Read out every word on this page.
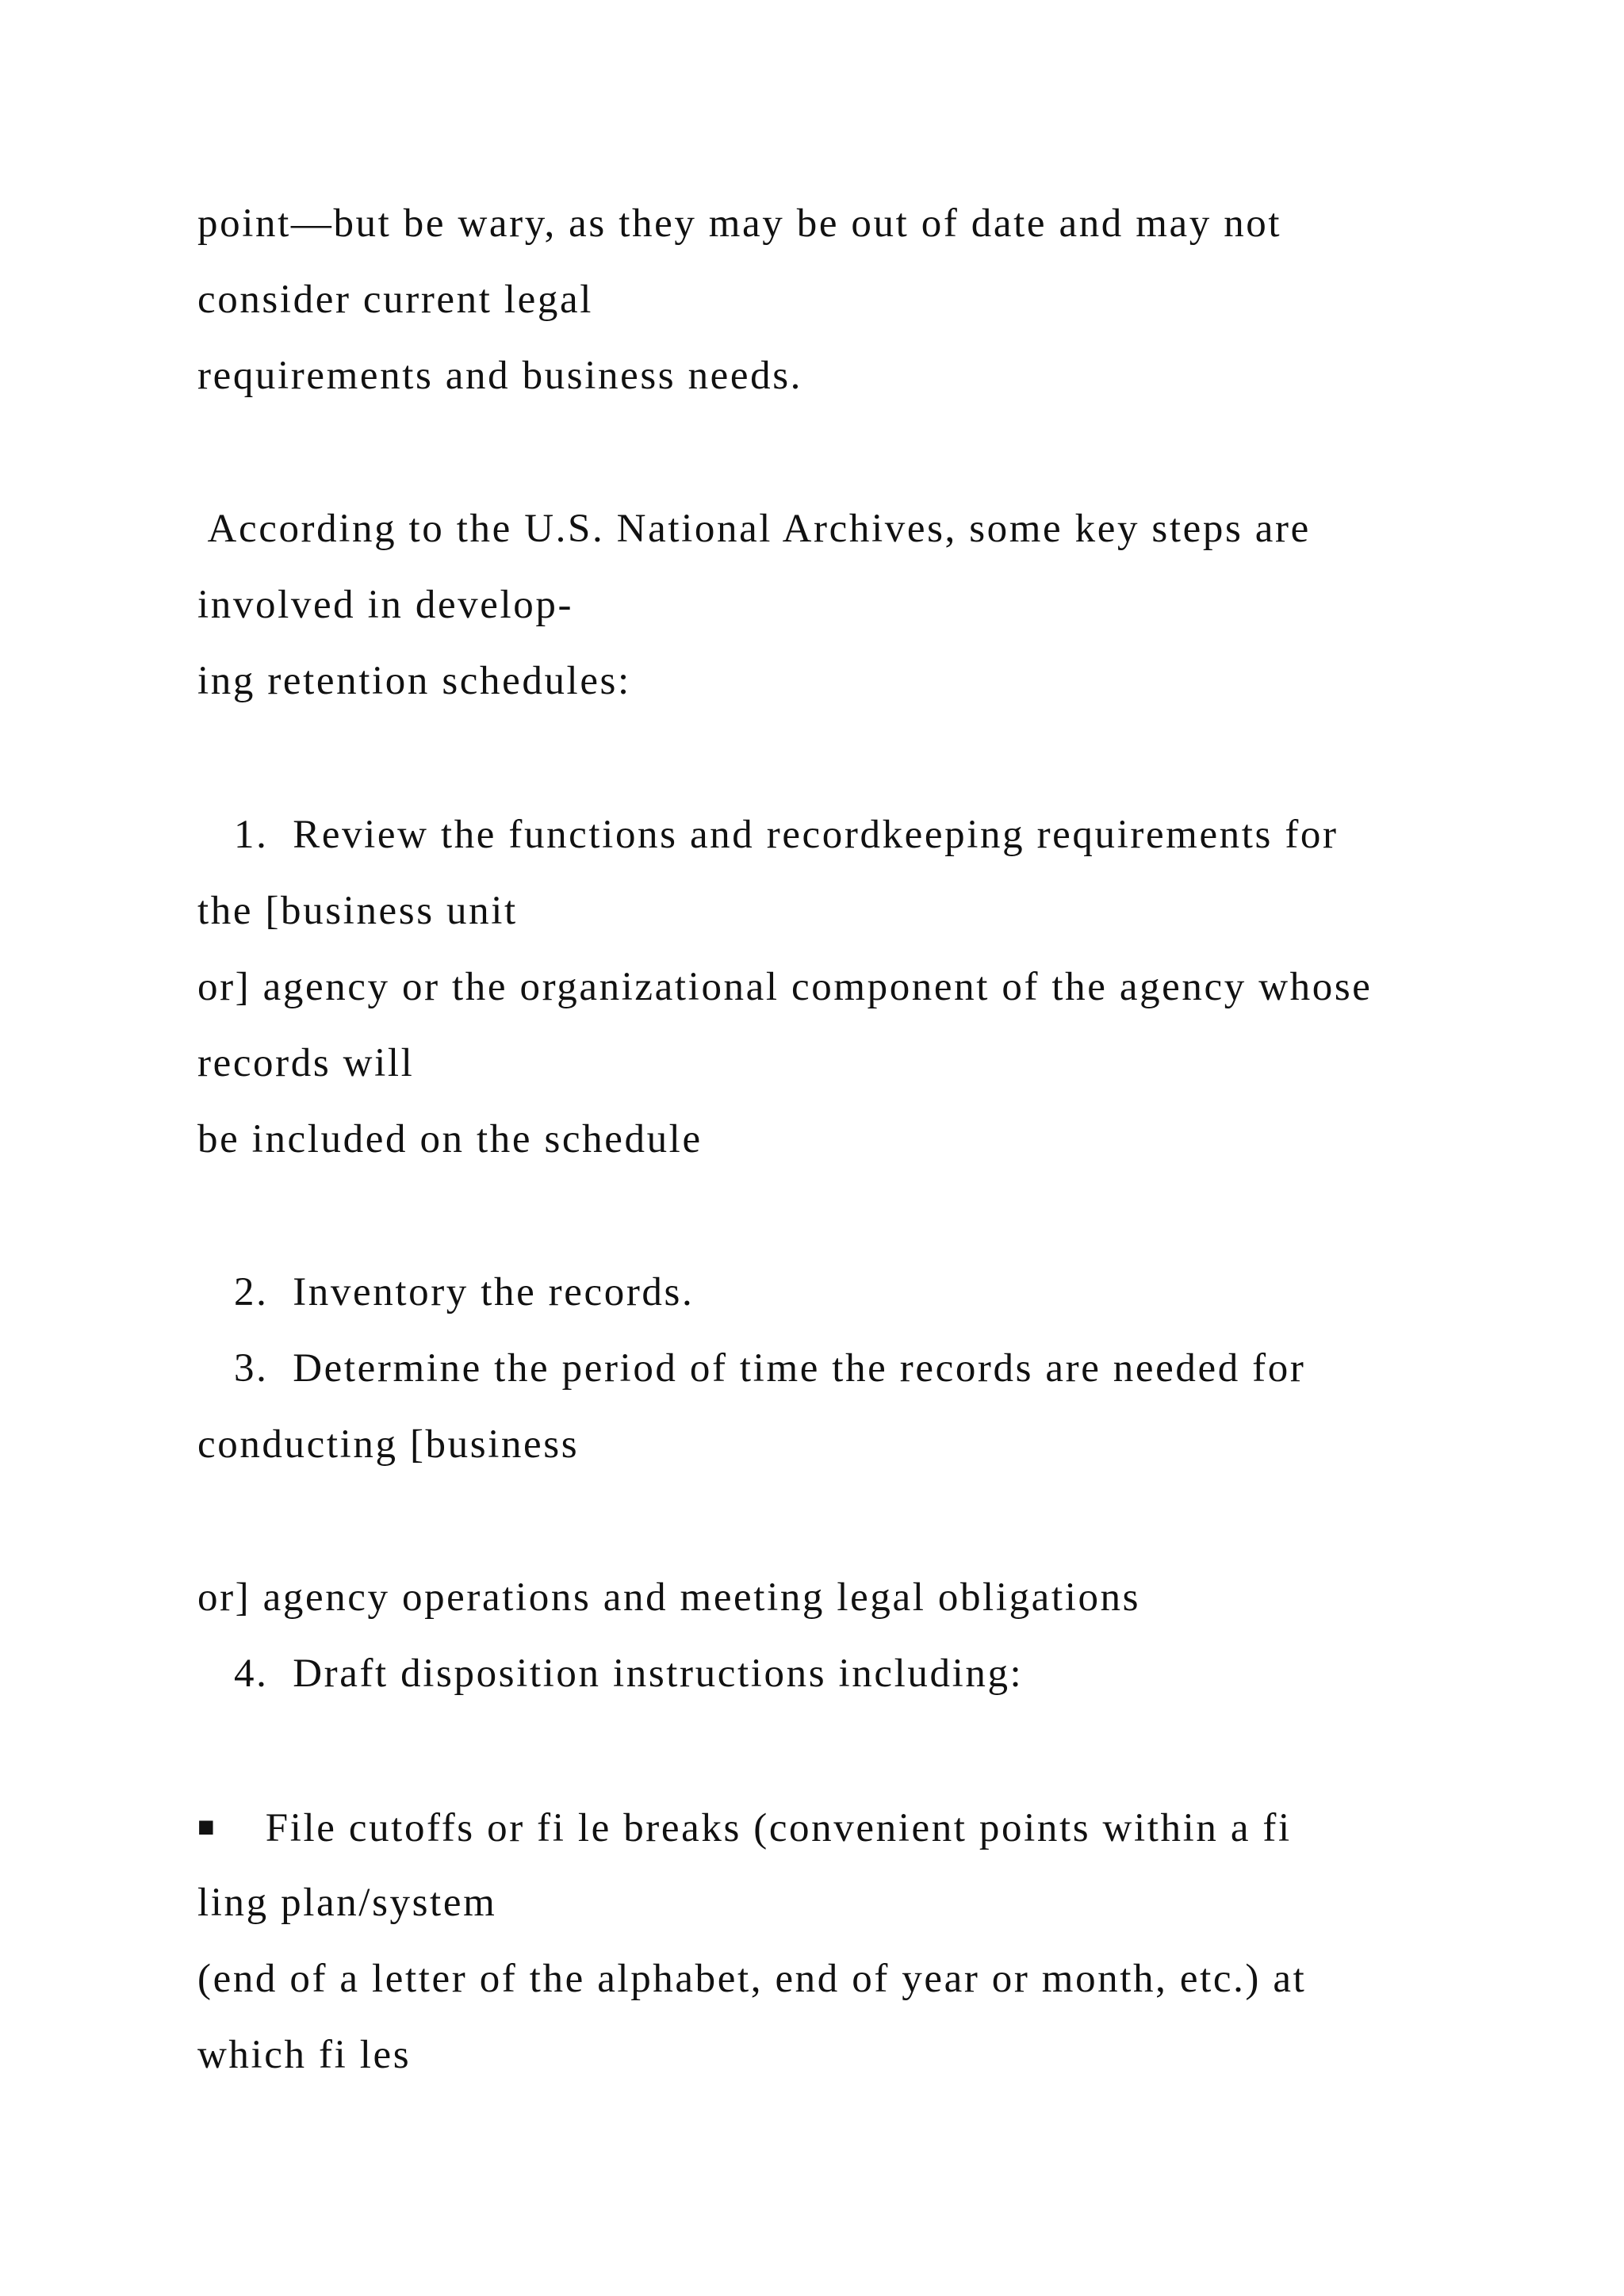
point—but be wary, as they may be out of date and may not

consider current legal

requirements and business needs.

According to the U.S. National Archives, some key steps are

involved in develop-

ing retention schedules:

1.  Review the functions and recordkeeping requirements for

the [business unit

or] agency or the organizational component of the agency whose

records will

be included on the schedule

2.  Inventory the records.

3.  Determine the period of time the records are needed for

conducting [business

or] agency operations and meeting legal obligations

4.  Draft disposition instructions including:

■    File cutoffs or fi le breaks (convenient points within a fi

ling plan/system

(end of a letter of the alphabet, end of year or month, etc.) at

which fi les
